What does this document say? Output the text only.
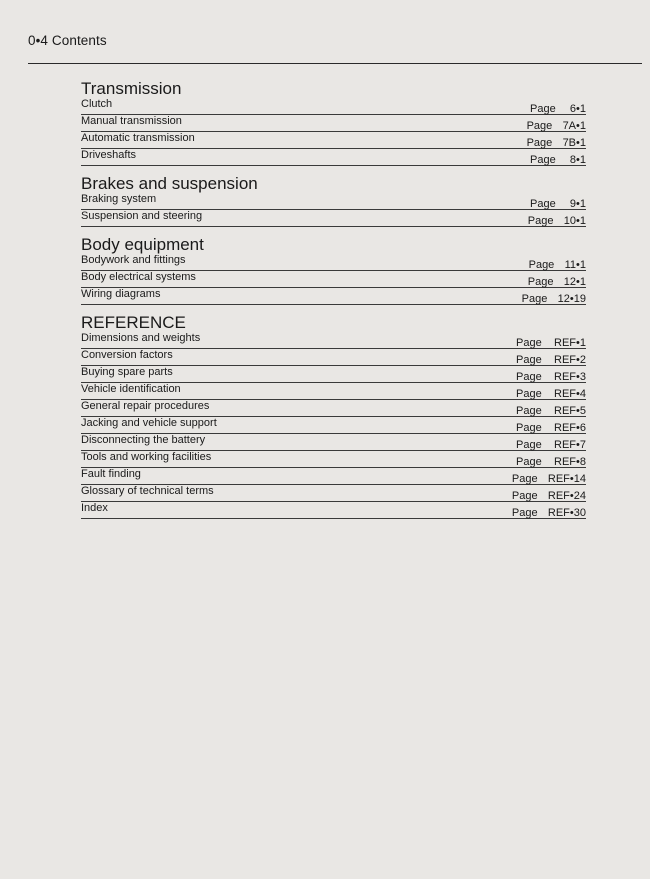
0•4 Contents
Transmission
Clutch	Page	6•1
Manual transmission	Page 7A•1
Automatic transmission	Page 7B•1
Driveshafts	Page	8•1
Brakes and suspension
Braking system	Page	9•1
Suspension and steering	Page 10•1
Body equipment
Bodywork and fittings	Page 11•1
Body electrical systems	Page 12•1
Wiring diagrams	Page 12•19
REFERENCE
Dimensions and weights	Page	REF•1
Conversion factors	Page	REF•2
Buying spare parts	Page	REF•3
Vehicle identification	Page	REF•4
General repair procedures	Page	REF•5
Jacking and vehicle support	Page	REF•6
Disconnecting the battery	Page	REF•7
Tools and working facilities	Page	REF•8
Fault finding	Page REF•14
Glossary of technical terms	Page REF•24
Index	Page REF•30
